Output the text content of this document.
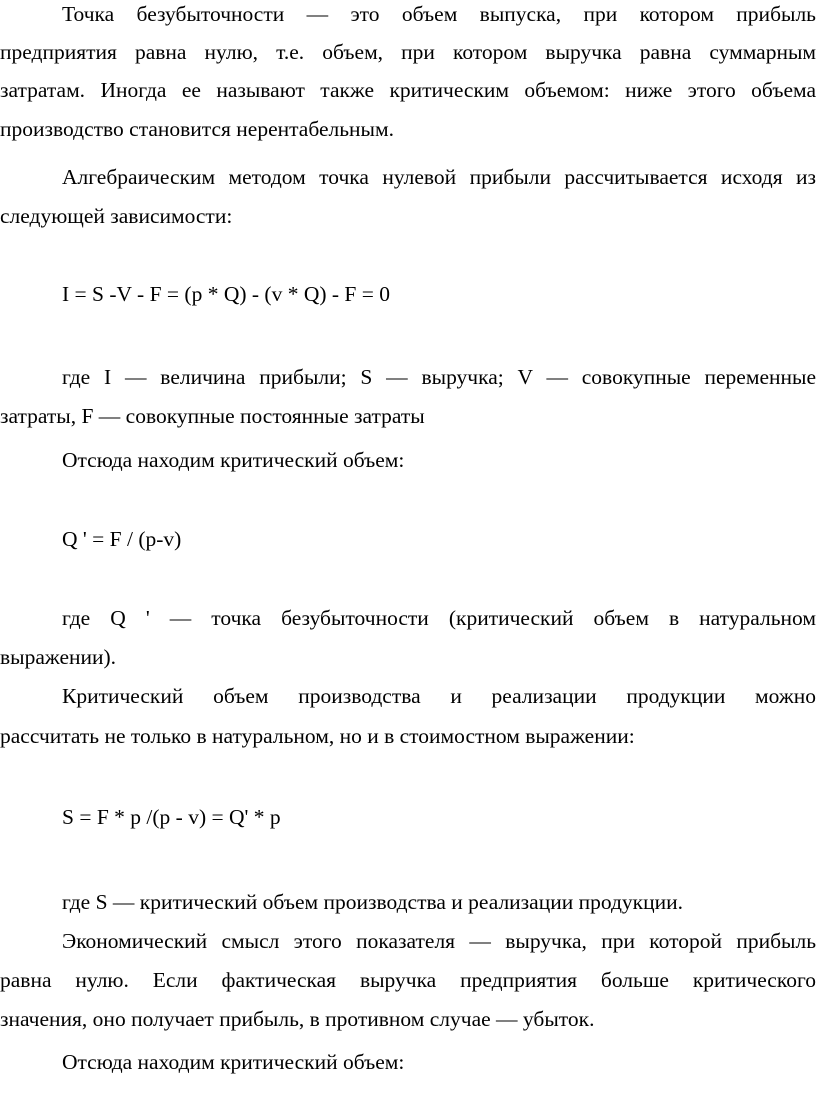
Точка безубыточности — это объем выпуска, при котором прибыль
предприятия равна нулю, т.е. объем, при котором выручка равна суммарным
затратам. Иногда ее называют также критическим объемом: ниже этого объема
производство становится нерентабельным.
Алгебраическим методом точка нулевой прибыли рассчитывается исходя из
следующей зависимости:
I = S -V - F = (p * Q) - (v * Q) - F = 0
где I — величина прибыли; S — выручка; V — совокупные переменные
затраты, F — совокупные постоянные затраты
Отсюда находим критический объем:
Q ' = F / (p-v)
где Q ' — точка безубыточности (критический объем в натуральном
выражении).
Критический объем производства и реализации продукции можно
рассчитать не только в натуральном, но и в стоимостном выражении:
S = F * p /(p - v) = Q' * p
где S — критический объем производства и реализации продукции.
Экономический смысл этого показателя — выручка, при которой прибыль
равна нулю. Если фактическая выручка предприятия больше критического
значения, оно получает прибыль, в противном случае — убыток.
Отсюда находим критический объем:
